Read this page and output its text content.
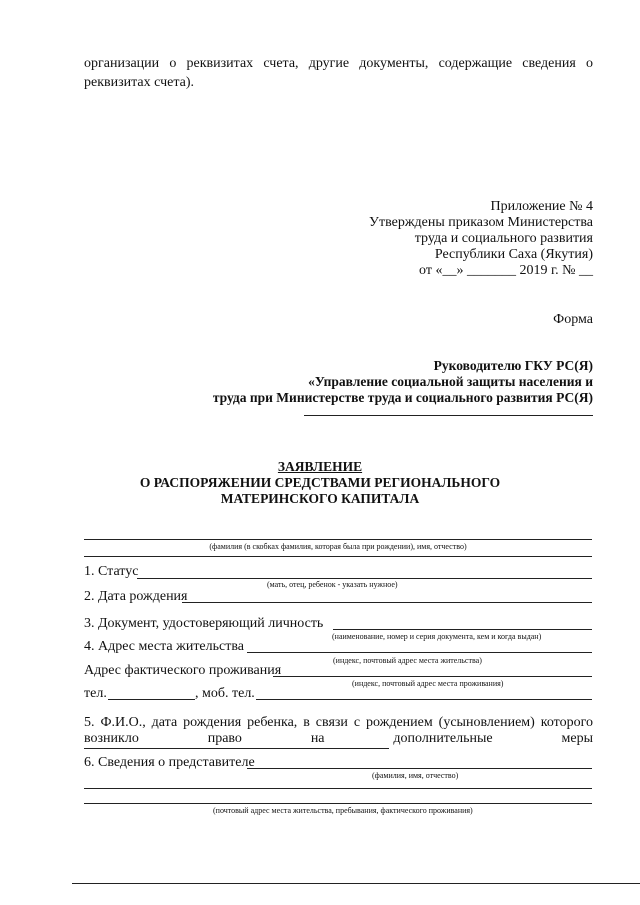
организации о реквизитах счета, другие документы, содержащие сведения о
реквизитах счета).
Приложение № 4
Утверждены приказом Министерства
труда и социального развития
Республики Саха (Якутия)
от «__» _______ 2019 г. № __
Форма
Руководителю ГКУ РС(Я)
«Управление социальной защиты населения и
труда при Министерстве труда и социального развития РС(Я)
ЗАЯВЛЕНИЕ
О РАСПОРЯЖЕНИИ СРЕДСТВАМИ РЕГИОНАЛЬНОГО
МАТЕРИНСКОГО КАПИТАЛА
(фамилия (в скобках фамилия, которая была при рождении), имя, отчество)
1. Статус
(мать, отец, ребенок - указать нужное)
2. Дата рождения
3. Документ, удостоверяющий личность
(наименование, номер и серия документа, кем и когда выдан)
4. Адрес места жительства
(индекс, почтовый адрес места жительства)
Адрес фактического проживания
(индекс, почтовый адрес места проживания)
тел.	, моб. тел.
5. Ф.И.О., дата рождения ребенка, в связи с рождением (усыновлением) которого
возникло	право	на	дополнительные	меры
6. Сведения о представителе
(фамилия, имя, отчество)
(почтовый адрес места жительства, пребывания, фактического проживания)
